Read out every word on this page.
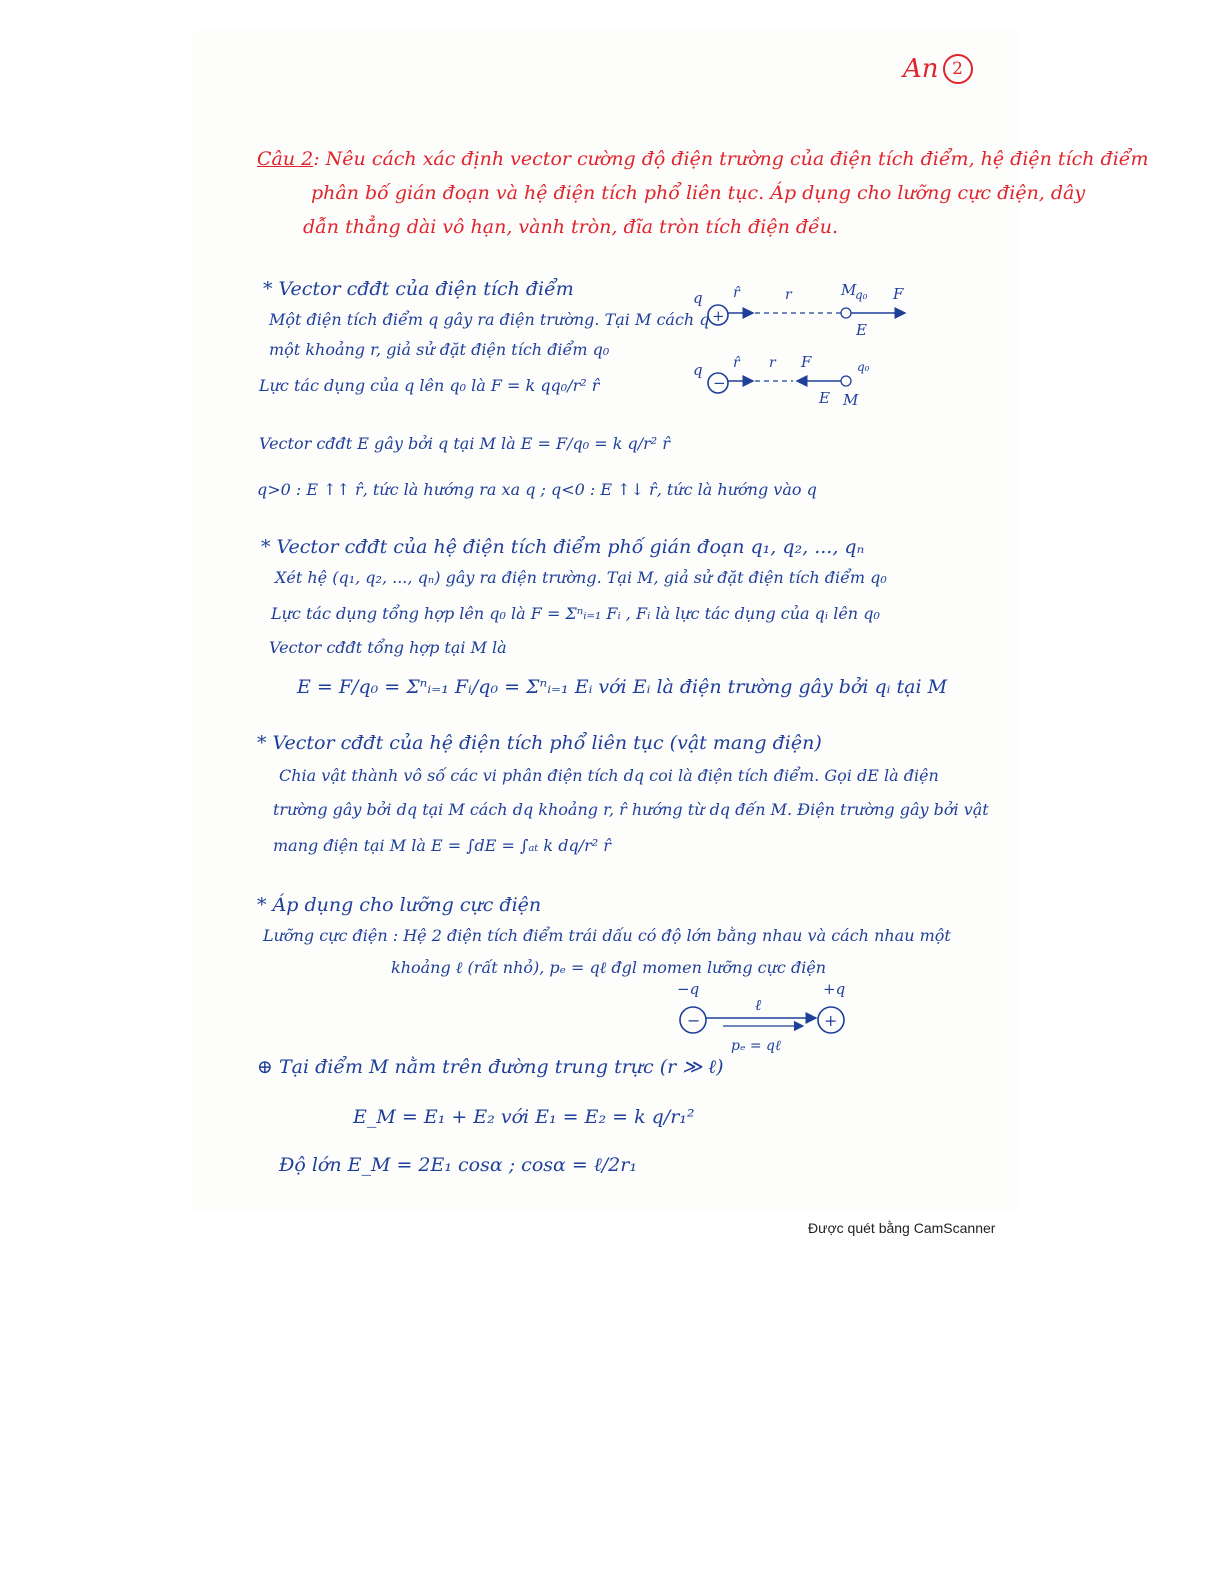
An 2
Câu 2: Nêu cách xác định vector cường độ điện trường của điện tích điểm, hệ điện tích điểm
phân bố gián đoạn và hệ điện tích phổ liên tục. Áp dụng cho lưỡng cực điện, dây
dẫn thẳng dài vô hạn, vành tròn, đĩa tròn tích điện đều.
* Vector cđđt của điện tích điểm
Một điện tích điểm q gây ra điện trường. Tại M cách q
một khoảng r, giả sử đặt điện tích điểm q₀
Lực tác dụng của q lên q₀ là F = k qq₀/r² r̂
Vector cđđt E gây bởi q tại M là E = F/q₀ = k q/r² r̂
q>0 : E ↑↑ r̂, tức là hướng ra xa q ; q<0 : E ↑↓ r̂, tức là hướng vào q
q
+
r̂	r	M
q₀ F
E
q
−
r̂ r F	q₀
E M
* Vector cđđt của hệ điện tích điểm phố gián đoạn q₁, q₂, ..., qₙ
Xét hệ (q₁, q₂, ..., qₙ) gây ra điện trường. Tại M, giả sử đặt điện tích điểm q₀
Lực tác dụng tổng hợp lên q₀ là F = Σⁿᵢ₌₁ Fᵢ , Fᵢ là lực tác dụng của qᵢ lên q₀
Vector cđđt tổng hợp tại M là
E = F/q₀ = Σⁿᵢ₌₁ Fᵢ/q₀ = Σⁿᵢ₌₁ Eᵢ với Eᵢ là điện trường gây bởi qᵢ tại M
* Vector cđđt của hệ điện tích phổ liên tục (vật mang điện)
Chia vật thành vô số các vi phân điện tích dq coi là điện tích điểm. Gọi dE là điện
trường gây bởi dq tại M cách dq khoảng r, r̂ hướng từ dq đến M. Điện trường gây bởi vật
mang điện tại M là E = ∫dE = ∫ₐₜ k dq/r² r̂
* Áp dụng cho lưỡng cực điện
Lưỡng cực điện : Hệ 2 điện tích điểm trái dấu có độ lớn bằng nhau và cách nhau một
khoảng ℓ (rất nhỏ), pₑ = qℓ đgl momen lưỡng cực điện
−q	+q
−	+
ℓ
pₑ = qℓ
⊕ Tại điểm M nằm trên đường trung trực (r ≫ ℓ)
E_M = E₁ + E₂ với E₁ = E₂ = k q/r₁²
Độ lớn E_M = 2E₁ cosα ; cosα = ℓ/2r₁
Được quét bằng CamScanner
